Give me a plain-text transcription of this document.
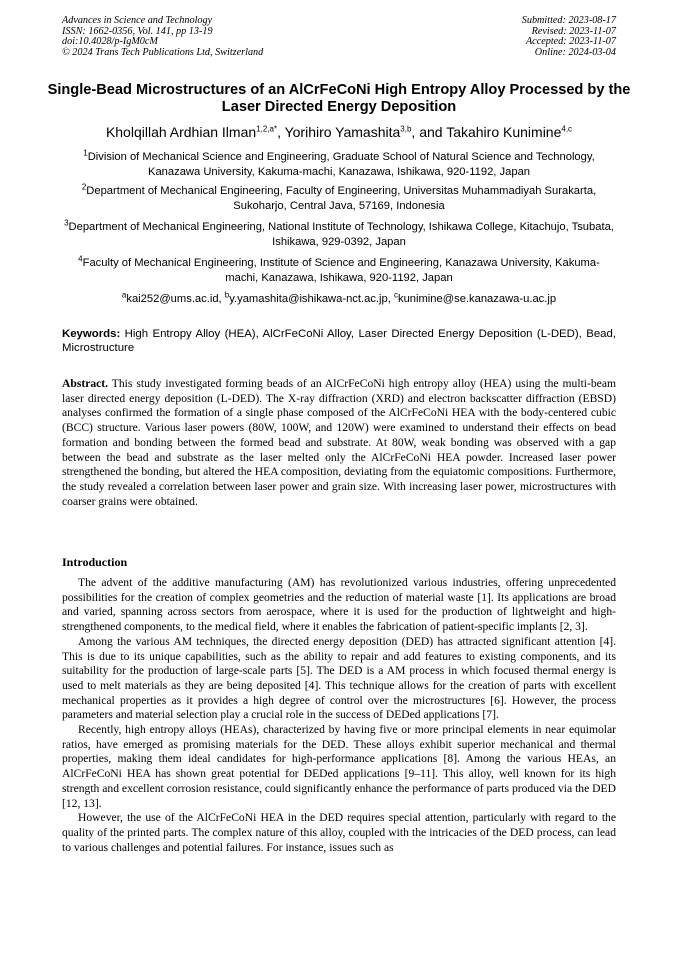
Advances in Science and Technology
ISSN: 1662-0356, Vol. 141, pp 13-19
doi:10.4028/p-IgM0cM
© 2024 Trans Tech Publications Ltd, Switzerland
Submitted: 2023-08-17
Revised: 2023-11-07
Accepted: 2023-11-07
Online: 2024-03-04
Single-Bead Microstructures of an AlCrFeCoNi High Entropy Alloy Processed by the Laser Directed Energy Deposition
Kholqillah Ardhian Ilman$^{1,2,a*}$, Yorihiro Yamashita$^{3,b}$, and Takahiro Kunimine$^{4,c}$
$^1$Division of Mechanical Science and Engineering, Graduate School of Natural Science and Technology, Kanazawa University, Kakuma-machi, Kanazawa, Ishikawa, 920-1192, Japan
$^2$Department of Mechanical Engineering, Faculty of Engineering, Universitas Muhammadiyah Surakarta, Sukoharjo, Central Java, 57169, Indonesia
$^3$Department of Mechanical Engineering, National Institute of Technology, Ishikawa College, Kitachujo, Tsubata, Ishikawa, 929-0392, Japan
$^4$Faculty of Mechanical Engineering, Institute of Science and Engineering, Kanazawa University, Kakuma-machi, Kanazawa, Ishikawa, 920-1192, Japan
$^a$kai252@ums.ac.id, $^b$y.yamashita@ishikawa-nct.ac.jp, $^c$kunimine@se.kanazawa-u.ac.jp
Keywords: High Entropy Alloy (HEA), AlCrFeCoNi Alloy, Laser Directed Energy Deposition (L-DED), Bead, Microstructure
Abstract. This study investigated forming beads of an AlCrFeCoNi high entropy alloy (HEA) using the multi-beam laser directed energy deposition (L-DED). The X-ray diffraction (XRD) and electron backscatter diffraction (EBSD) analyses confirmed the formation of a single phase composed of the AlCrFeCoNi HEA with the body-centered cubic (BCC) structure. Various laser powers (80W, 100W, and 120W) were examined to understand their effects on bead formation and bonding between the formed bead and substrate. At 80W, weak bonding was observed with a gap between the bead and substrate as the laser melted only the AlCrFeCoNi HEA powder. Increased laser power strengthened the bonding, but altered the HEA composition, deviating from the equiatomic compositions. Furthermore, the study revealed a correlation between laser power and grain size. With increasing laser power, microstructures with coarser grains were obtained.
Introduction

The advent of the additive manufacturing (AM) has revolutionized various industries, offering unprecedented possibilities for the creation of complex geometries and the reduction of material waste [1]. Its applications are broad and varied, spanning across sectors from aerospace, where it is used for the production of lightweight and high-strengthened components, to the medical field, where it enables the fabrication of patient-specific implants [2, 3].

Among the various AM techniques, the directed energy deposition (DED) has attracted significant attention [4]. This is due to its unique capabilities, such as the ability to repair and add features to existing components, and its suitability for the production of large-scale parts [5]. The DED is a AM process in which focused thermal energy is used to melt materials as they are being deposited [4]. This technique allows for the creation of parts with excellent mechanical properties as it provides a high degree of control over the microstructures [6]. However, the process parameters and material selection play a crucial role in the success of DEDed applications [7].

Recently, high entropy alloys (HEAs), characterized by having five or more principal elements in near equimolar ratios, have emerged as promising materials for the DED. These alloys exhibit superior mechanical and thermal properties, making them ideal candidates for high-performance applications [8]. Among the various HEAs, an AlCrFeCoNi HEA has shown great potential for DEDed applications [9–11]. This alloy, well known for its high strength and excellent corrosion resistance, could significantly enhance the performance of parts produced via the DED [12, 13].

However, the use of the AlCrFeCoNi HEA in the DED requires special attention, particularly with regard to the quality of the printed parts. The complex nature of this alloy, coupled with the intricacies of the DED process, can lead to various challenges and potential failures. For instance, issues such as
